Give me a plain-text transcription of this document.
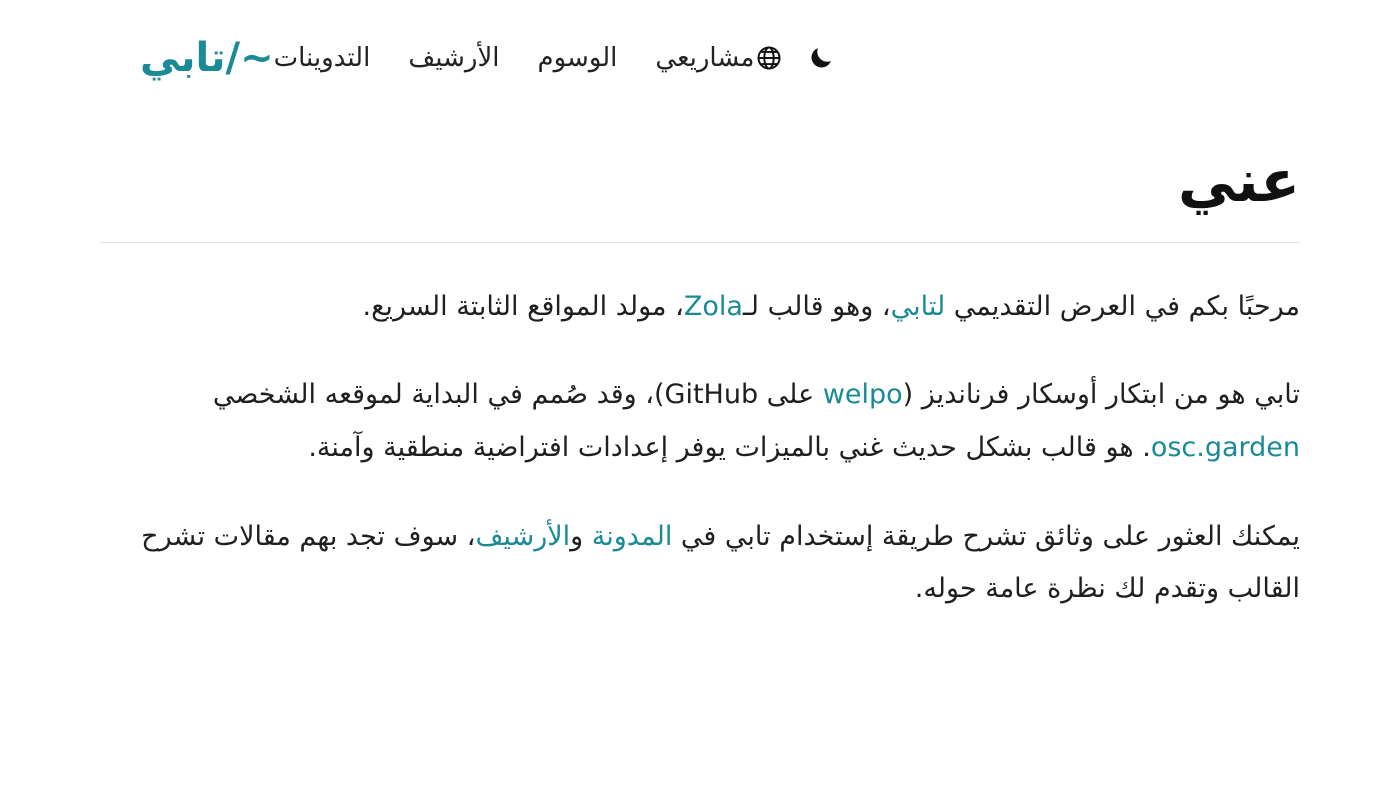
~/تابي التدوينات الأرشيف الوسوم مشاريعي
عني

مرحبًا بكم في العرض التقديمي لتابي، وهو قالب لـZola، مولد المواقع الثابتة السريع.

تابي هو من ابتكار أوسكار فرنانديز (welpo على GitHub)، وقد صُمم في البداية لموقعه الشخصي osc.garden. هو قالب بشكل حديث غني بالميزات يوفر إعدادات افتراضية منطقية وآمنة.

يمكنك العثور على وثائق تشرح طريقة إستخدام تابي في المدونة والأرشيف، سوف تجد بهم مقالات تشرح القالب وتقدم لك نظرة عامة حوله.
